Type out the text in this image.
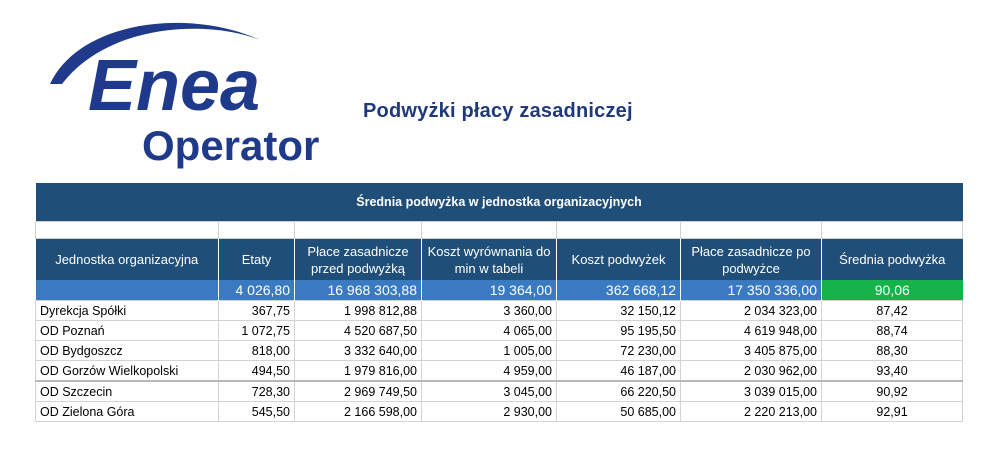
Enea
Operator
Podwyżki płacy zasadniczej
Średnia podwyżka w jednostka organizacyjnych						

Jednostka organizacyjna	Etaty	Płace zasadnicze przed podwyżką	Koszt wyrównania do min w tabeli	Koszt podwyżek	Płace zasadnicze po podwyżce	Średnia podwyżka
	4 026,80	16 968 303,88	19 364,00	362 668,12	17 350 336,00	90,06
Dyrekcja Spółki	367,75	1 998 812,88	3 360,00	32 150,12	2 034 323,00	87,42
OD Poznań	1 072,75	4 520 687,50	4 065,00	95 195,50	4 619 948,00	88,74
OD Bydgoszcz	818,00	3 332 640,00	1 005,00	72 230,00	3 405 875,00	88,30
OD Gorzów Wielkopolski	494,50	1 979 816,00	4 959,00	46 187,00	2 030 962,00	93,40
OD Szczecin	728,30	2 969 749,50	3 045,00	66 220,50	3 039 015,00	90,92
OD Zielona Góra	545,50	2 166 598,00	2 930,00	50 685,00	2 220 213,00	92,91
